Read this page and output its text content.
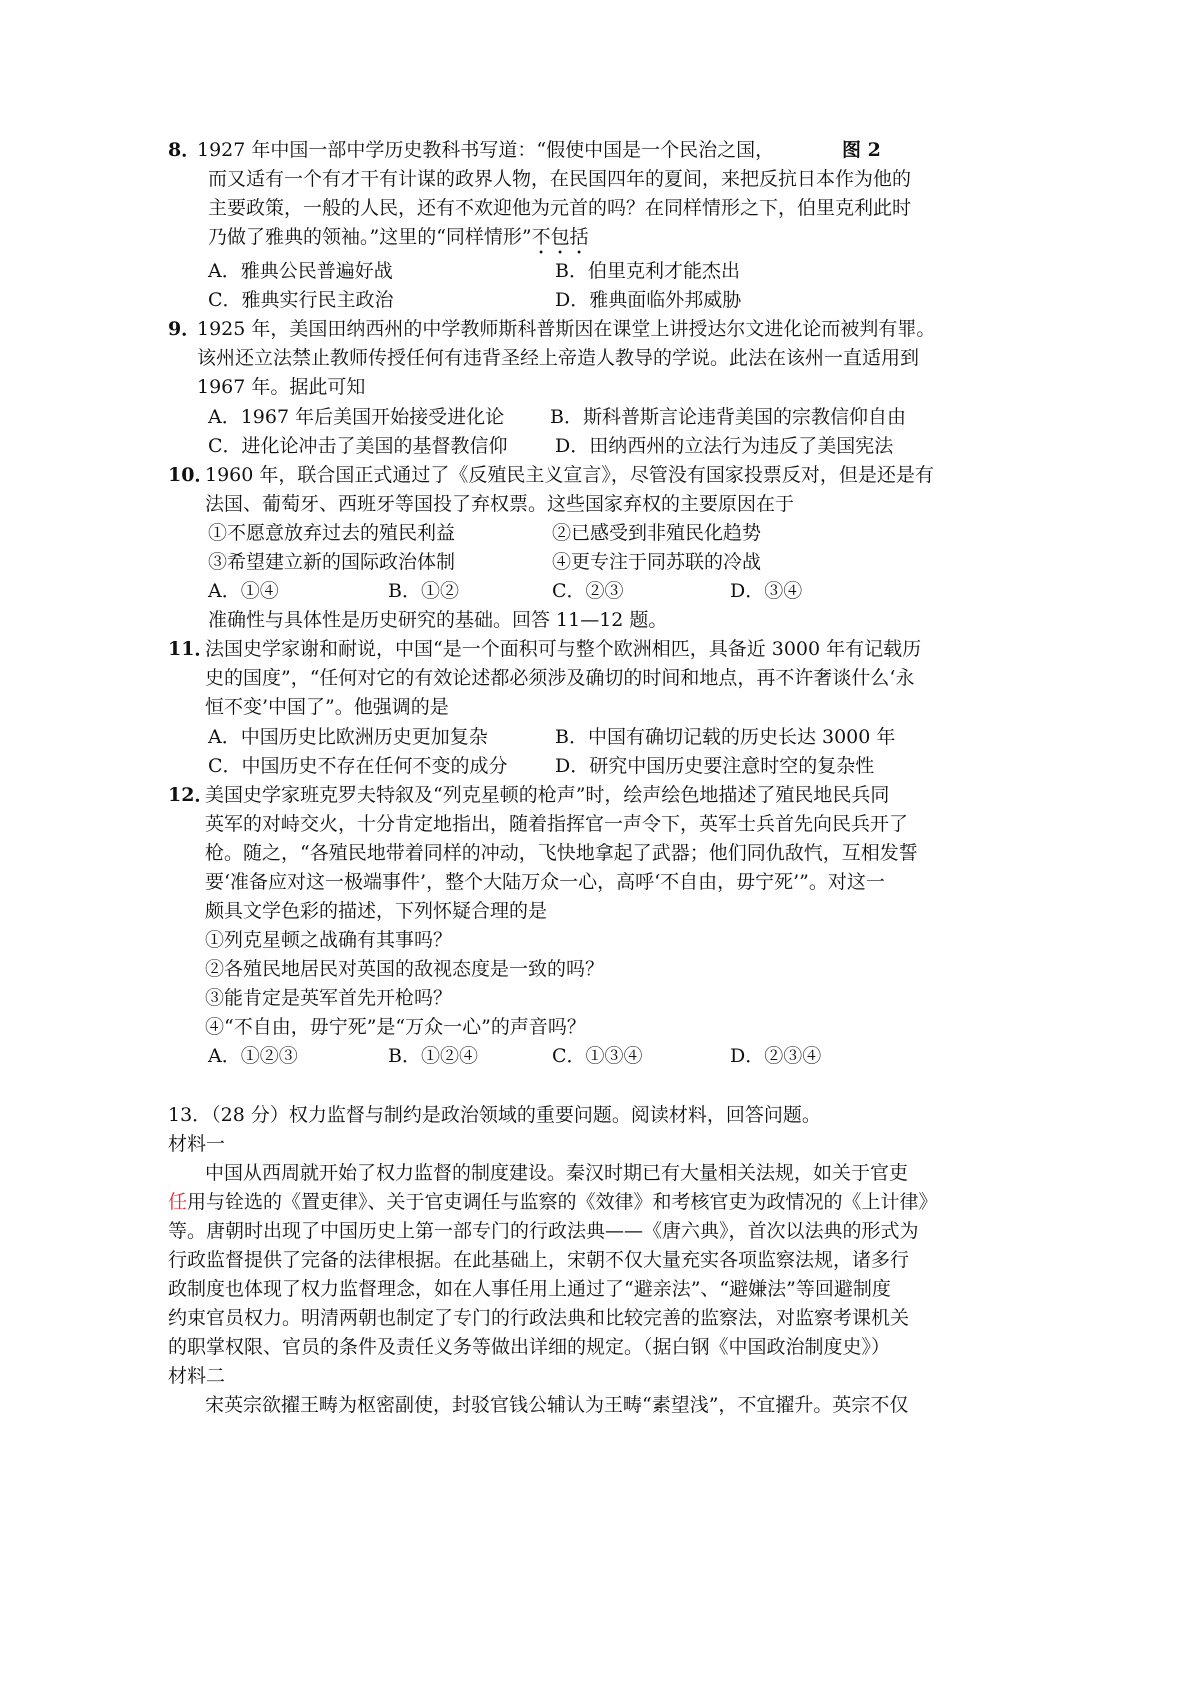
8．
1927 年中国一部中学历史教科书写道：“假使中国是一个民治之国，	图 2
而又适有一个有才干有计谋的政界人物，在民国四年的夏间，来把反抗日本作为他的
主要政策，一般的人民，还有不欢迎他为元首的吗？在同样情形之下，伯里克利此时
乃做了雅典的领袖。”这里的“同样情形”不包括
A．雅典公民普遍好战	B．伯里克利才能杰出
C．雅典实行民主政治	D．雅典面临外邦威胁
9．
1925 年，美国田纳西州的中学教师斯科普斯因在课堂上讲授达尔文进化论而被判有罪。
该州还立法禁止教师传授任何有违背圣经上帝造人教导的学说。此法在该州一直适用到
1967 年。据此可知
A．1967 年后美国开始接受进化论 B．斯科普斯言论违背美国的宗教信仰自由
C．进化论冲击了美国的基督教信仰 D．田纳西州的立法行为违反了美国宪法
10．
1960 年，联合国正式通过了《反殖民主义宣言》，尽管没有国家投票反对，但是还是有
法国、葡萄牙、西班牙等国投了弃权票。这些国家弃权的主要原因在于
①不愿意放弃过去的殖民利益	②已感受到非殖民化趋势
③希望建立新的国际政治体制	④更专注于同苏联的冷战
A．①④	B．①②	C．②③	D．③④
准确性与具体性是历史研究的基础。回答 11—12 题。
11．
法国史学家谢和耐说，中国“是一个面积可与整个欧洲相匹，具备近 3000 年有记载历
史的国度”，“任何对它的有效论述都必须涉及确切的时间和地点，再不许奢谈什么‘永
恒不变’中国了”。他强调的是
A．中国历史比欧洲历史更加复杂	B．中国有确切记载的历史长达 3000 年
C．中国历史不存在任何不变的成分 D．研究中国历史要注意时空的复杂性
12．
美国史学家班克罗夫特叙及“列克星顿的枪声”时，绘声绘色地描述了殖民地民兵同
英军的对峙交火，十分肯定地指出，随着指挥官一声令下，英军士兵首先向民兵开了
枪。随之，“各殖民地带着同样的冲动，飞快地拿起了武器；他们同仇敌忾，互相发誓
要‘准备应对这一极端事件’，整个大陆万众一心，高呼‘不自由，毋宁死’”。对这一
颇具文学色彩的描述，下列怀疑合理的是
①列克星顿之战确有其事吗？
②各殖民地居民对英国的敌视态度是一致的吗？
③能肯定是英军首先开枪吗？
④“不自由，毋宁死”是“万众一心”的声音吗？
A．①②③	B．①②④	C．①③④	D．②③④
13．（28 分）权力监督与制约是政治领域的重要问题。阅读材料，回答问题。
材料一
中国从西周就开始了权力监督的制度建设。秦汉时期已有大量相关法规，如关于官吏
任用与铨选的《置吏律》、关于官吏调任与监察的《效律》和考核官吏为政情况的《上计律》
等。唐朝时出现了中国历史上第一部专门的行政法典——《唐六典》，首次以法典的形式为
行政监督提供了完备的法律根据。在此基础上，宋朝不仅大量充实各项监察法规，诸多行
政制度也体现了权力监督理念，如在人事任用上通过了“避亲法”、“避嫌法”等回避制度
约束官员权力。明清两朝也制定了专门的行政法典和比较完善的监察法，对监察考课机关
的职掌权限、官员的条件及责任义务等做出详细的规定。（据白钢《中国政治制度史》）
材料二
宋英宗欲擢王畴为枢密副使，封驳官钱公辅认为王畴“素望浅”，不宜擢升。英宗不仅
